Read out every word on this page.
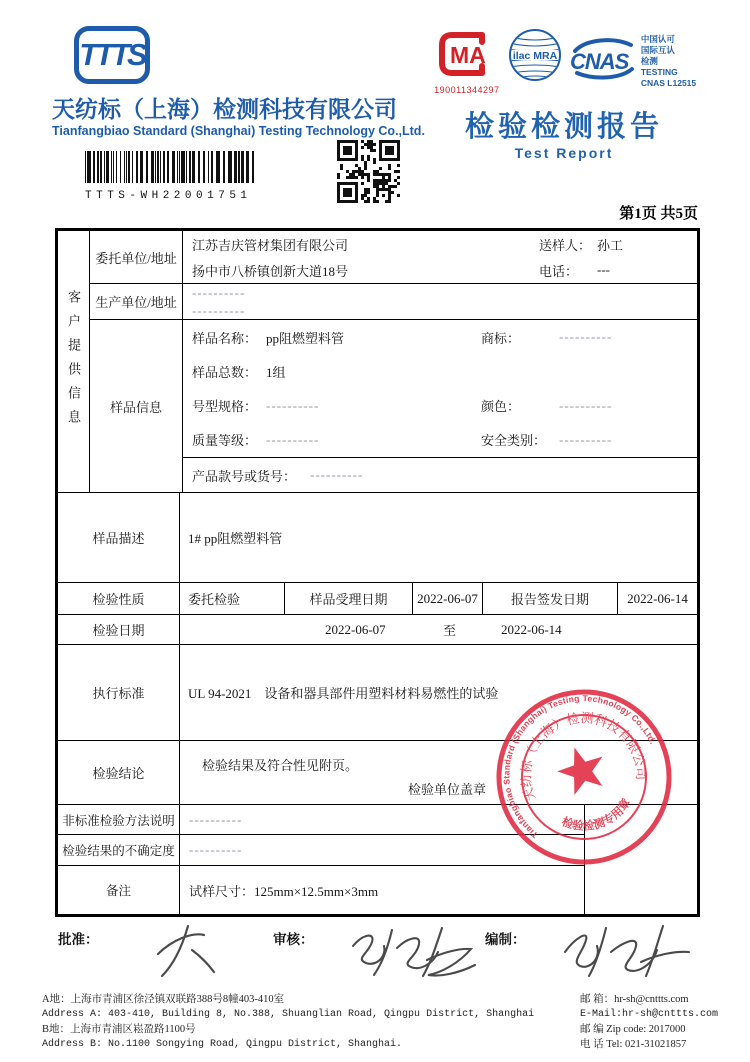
TTTS
天纺标（上海）检测科技有限公司
Tianfangbiao Standard (Shanghai) Testing Technology Co.,Ltd.
MA
190011344297
ilac MRA CNAS
中国认可
国际互认
检测
TESTING
CNAS L12515
检验检测报告
Test Report
TTTS-WH22001751
第1页 共5页
客户提供信息
委托单位/地址
江苏吉庆管材集团有限公司	送样人： 孙工
扬中市八桥镇创新大道18号	电话：	---
生产单位/地址
----------
----------
样品信息
样品名称： pp阻燃塑料管	商标：	----------
样品总数： 1组
号型规格： ----------	颜色：	----------
质量等级： ----------	安全类别： ----------
产品款号或货号：	----------
样品描述	1# pp阻燃塑料管
检验性质	委托检验	样品受理日期	2022-06-07	报告签发日期	2022-06-14
检验日期	2022-06-07	至	2022-06-14
执行标准	UL 94-2021　设备和器具部件用塑料材料易燃性的试验
检验结论
检验结果及符合性见附页。
检验单位盖章
非标准检验方法说明	----------
检验结果的不确定度	----------
备注	试样尺寸：125mm×12.5mm×3mm
Tianfangbiao Standard (Shanghai) Testing Technology Co.,Ltd.
天纺标（上海）检测科技有限公司
检验检测专用章
批准：	审核：	编制：
A地：上海市青浦区徐泾镇双联路388号8幢403-410室
Address A: 403-410, Building 8, No.388, Shuanglian Road, Qingpu District, Shanghai
B地：上海市青浦区崧盈路1100号
Address B: No.1100 Songying Road, Qingpu District, Shanghai.
邮 箱：hr-sh@cnttts.com
E-Mail:hr-sh@cnttts.com
邮 编 Zip code: 2017000
电 话 Tel: 021-31021857
